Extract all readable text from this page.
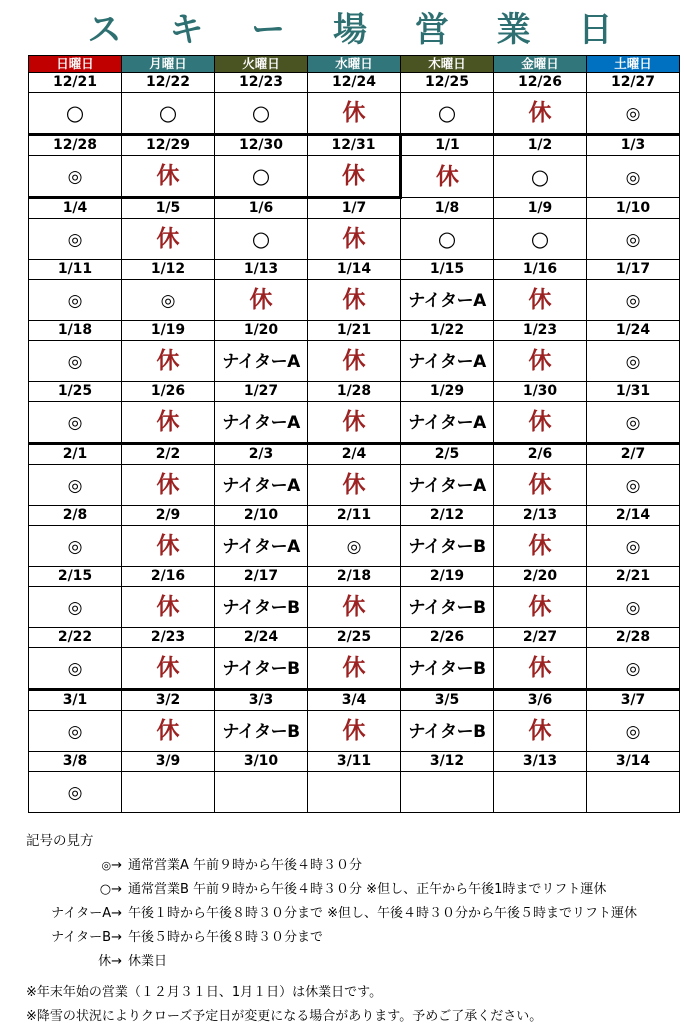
ス キ ー 場 営 業 日
日曜日	月曜日	火曜日	水曜日	木曜日	金曜日	土曜日
12/21	12/22	12/23	12/24	12/25	12/26	12/27
○	○	○	休	○	休	◎
12/28	12/29	12/30	12/31	1/1	1/2	1/3
◎	休	○	休	休	○	◎
1/4	1/5	1/6	1/7	1/8	1/9	1/10
◎	休	○	休	○	○	◎
1/11	1/12	1/13	1/14	1/15	1/16	1/17
◎	◎	休	休	ナイターA	休	◎
1/18	1/19	1/20	1/21	1/22	1/23	1/24
◎	休	ナイターA	休	ナイターA	休	◎
1/25	1/26	1/27	1/28	1/29	1/30	1/31
◎	休	ナイターA	休	ナイターA	休	◎
2/1	2/2	2/3	2/4	2/5	2/6	2/7
◎	休	ナイターA	休	ナイターA	休	◎
2/8	2/9	2/10	2/11	2/12	2/13	2/14
◎	休	ナイターA	◎	ナイターB	休	◎
2/15	2/16	2/17	2/18	2/19	2/20	2/21
◎	休	ナイターB	休	ナイターB	休	◎
2/22	2/23	2/24	2/25	2/26	2/27	2/28
◎	休	ナイターB	休	ナイターB	休	◎
3/1	3/2	3/3	3/4	3/5	3/6	3/7
◎	休	ナイターB	休	ナイターB	休	◎
3/8	3/9	3/10	3/11	3/12	3/13	3/14
◎						
記号の見方
◎→ 通常営業A 午前９時から午後４時３０分
○→ 通常営業B 午前９時から午後４時３０分 ※但し、正午から午後1時までリフト運休
ナイターA→ 午後１時から午後８時３０分まで ※但し、午後４時３０分から午後５時までリフト運休
ナイターB→ 午後５時から午後８時３０分まで
休→ 休業日
※年末年始の営業（１２月３１日、1月１日）は休業日です。
※降雪の状況によりクローズ予定日が変更になる場合があります。予めご了承ください。
